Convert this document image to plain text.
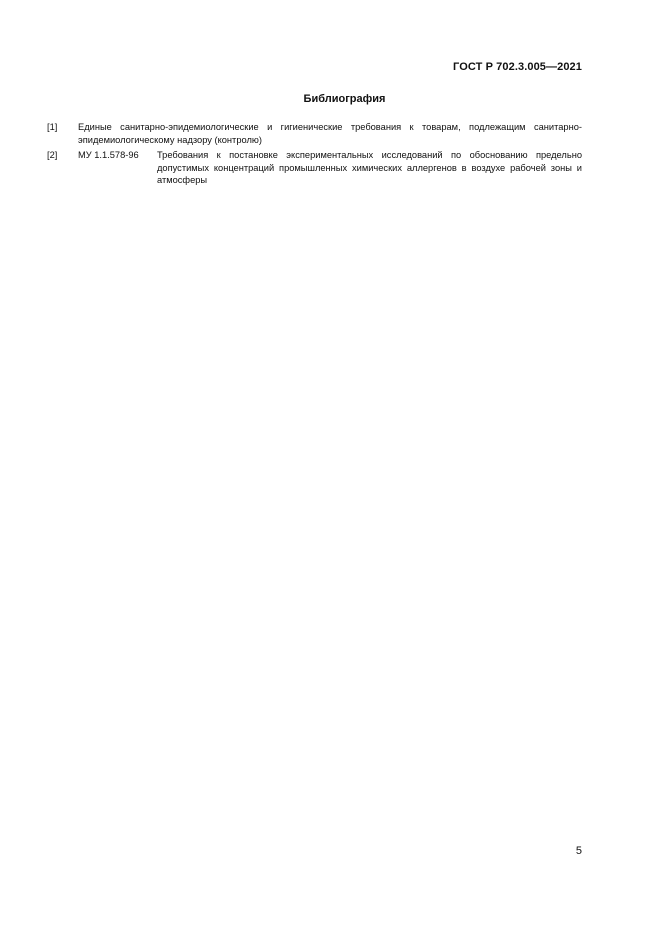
ГОСТ Р 702.3.005—2021
Библиография
[1] Единые санитарно-эпидемиологические и гигиенические требования к товарам, подлежащим санитарно-эпидемиологическому надзору (контролю)
[2] МУ 1.1.578-96 Требования к постановке экспериментальных исследований по обоснованию предельно допустимых концентраций промышленных химических аллергенов в воздухе рабочей зоны и атмосферы
5
